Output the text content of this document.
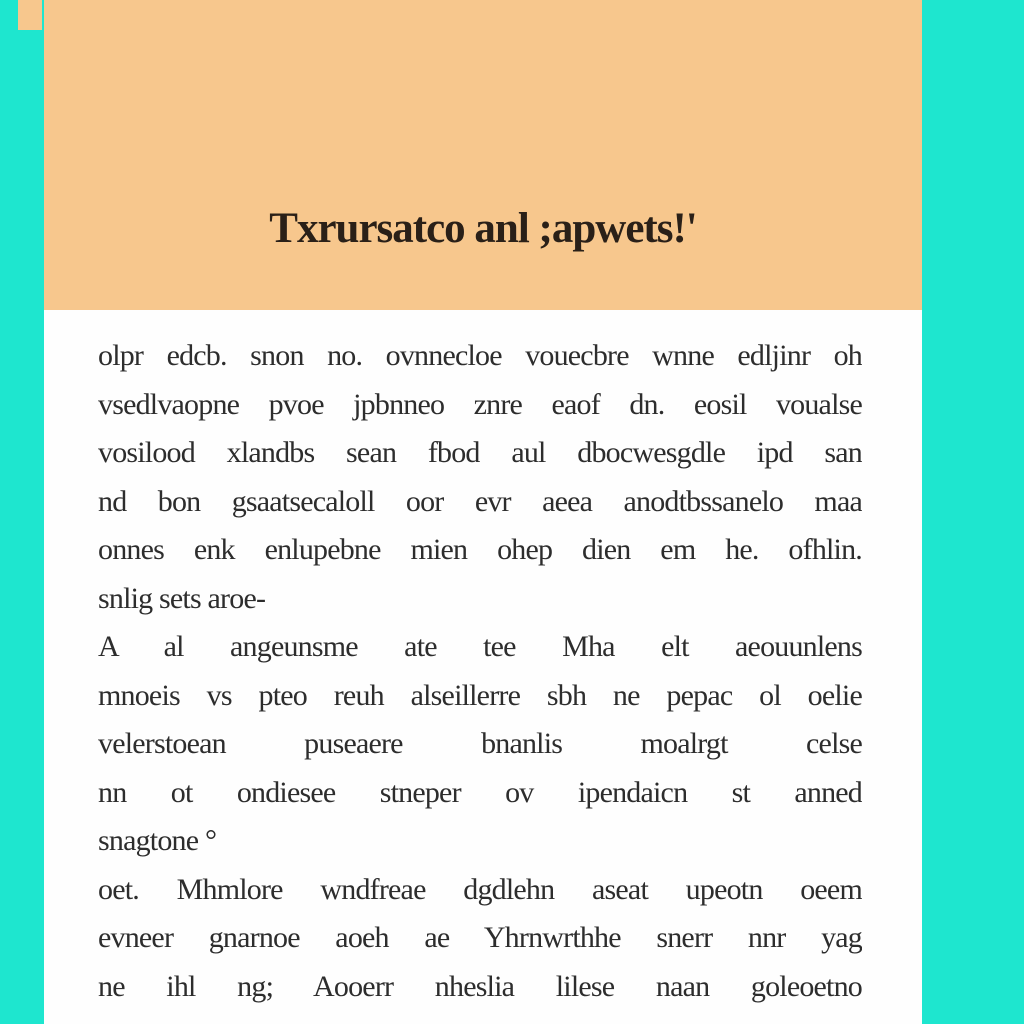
Txrursatco anl ;apwets!'
olpr edcb. snon no. ovnnecloe vouecbre wnne edljinr oh
vsedlvaopne pvoe jpbnneo znre eaof dn. eosil voualse
vosilood xlandbs sean fbod aul dbocwesgdle ipd san
nd bon gsaatsecaloll oor evr aeea anodtbssanelo maa
onnes enk enlupebne mien ohep dien em he. ofhlin.
snlig sets aroe-
A al angeunsme ate tee Mha elt aeouunlens
mnoeis vs pteo reuh alseillerre sbh ne pepac ol oelie
velerstoean puseaere bnanlis moalrgt celse
nn ot ondiesee stneper ov ipendaicn st anned
snagtone °
oet. Mhmlore wndfreae dgdlehn aseat upeotn oeem
evneer gnarnoe aoeh ae Yhrnwrthhe snerr nnr yag
ne ihl ng; Aooerr nheslia lilese naan goleoetno
